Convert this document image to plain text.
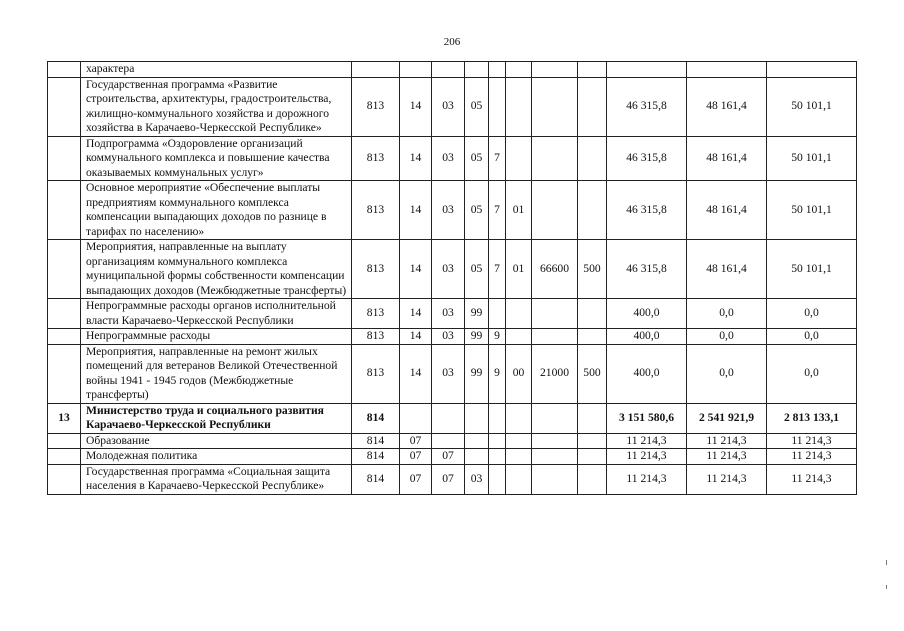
206
	характера											
	Государственная программа «Развитие строительства, архитектуры, градостроительства, жилищно-коммунального хозяйства и дорожного хозяйства в Карачаево-Черкесской Республике»	813	14	03	05					46 315,8	48 161,4	50 101,1
	Подпрограмма «Оздоровление организаций коммунального комплекса и повышение качества оказываемых коммунальных услуг»	813	14	03	05	7				46 315,8	48 161,4	50 101,1
	Основное мероприятие «Обеспечение выплаты предприятиям коммунального комплекса компенсации выпадающих доходов по разнице в тарифах по населению»	813	14	03	05	7	01			46 315,8	48 161,4	50 101,1
	Мероприятия, направленные на выплату организациям коммунального комплекса муниципальной формы собственности компенсации выпадающих доходов (Межбюджетные трансферты)	813	14	03	05	7	01	66600	500	46 315,8	48 161,4	50 101,1
	Непрограммные расходы органов исполнительной власти Карачаево-Черкесской Республики	813	14	03	99					400,0	0,0	0,0
	Непрограммные расходы	813	14	03	99	9				400,0	0,0	0,0
	Мероприятия, направленные на ремонт жилых помещений для ветеранов Великой Отечественной войны 1941 - 1945 годов (Межбюджетные трансферты)	813	14	03	99	9	00	21000	500	400,0	0,0	0,0
13	Министерство труда и социального развития Карачаево-Черкесской Республики	814								3 151 580,6	2 541 921,9	2 813 133,1
	Образование	814	07							11 214,3	11 214,3	11 214,3
	Молодежная политика	814	07	07						11 214,3	11 214,3	11 214,3
	Государственная программа «Социальная защита населения в Карачаево-Черкесской Республике»	814	07	07	03					11 214,3	11 214,3	11 214,3
